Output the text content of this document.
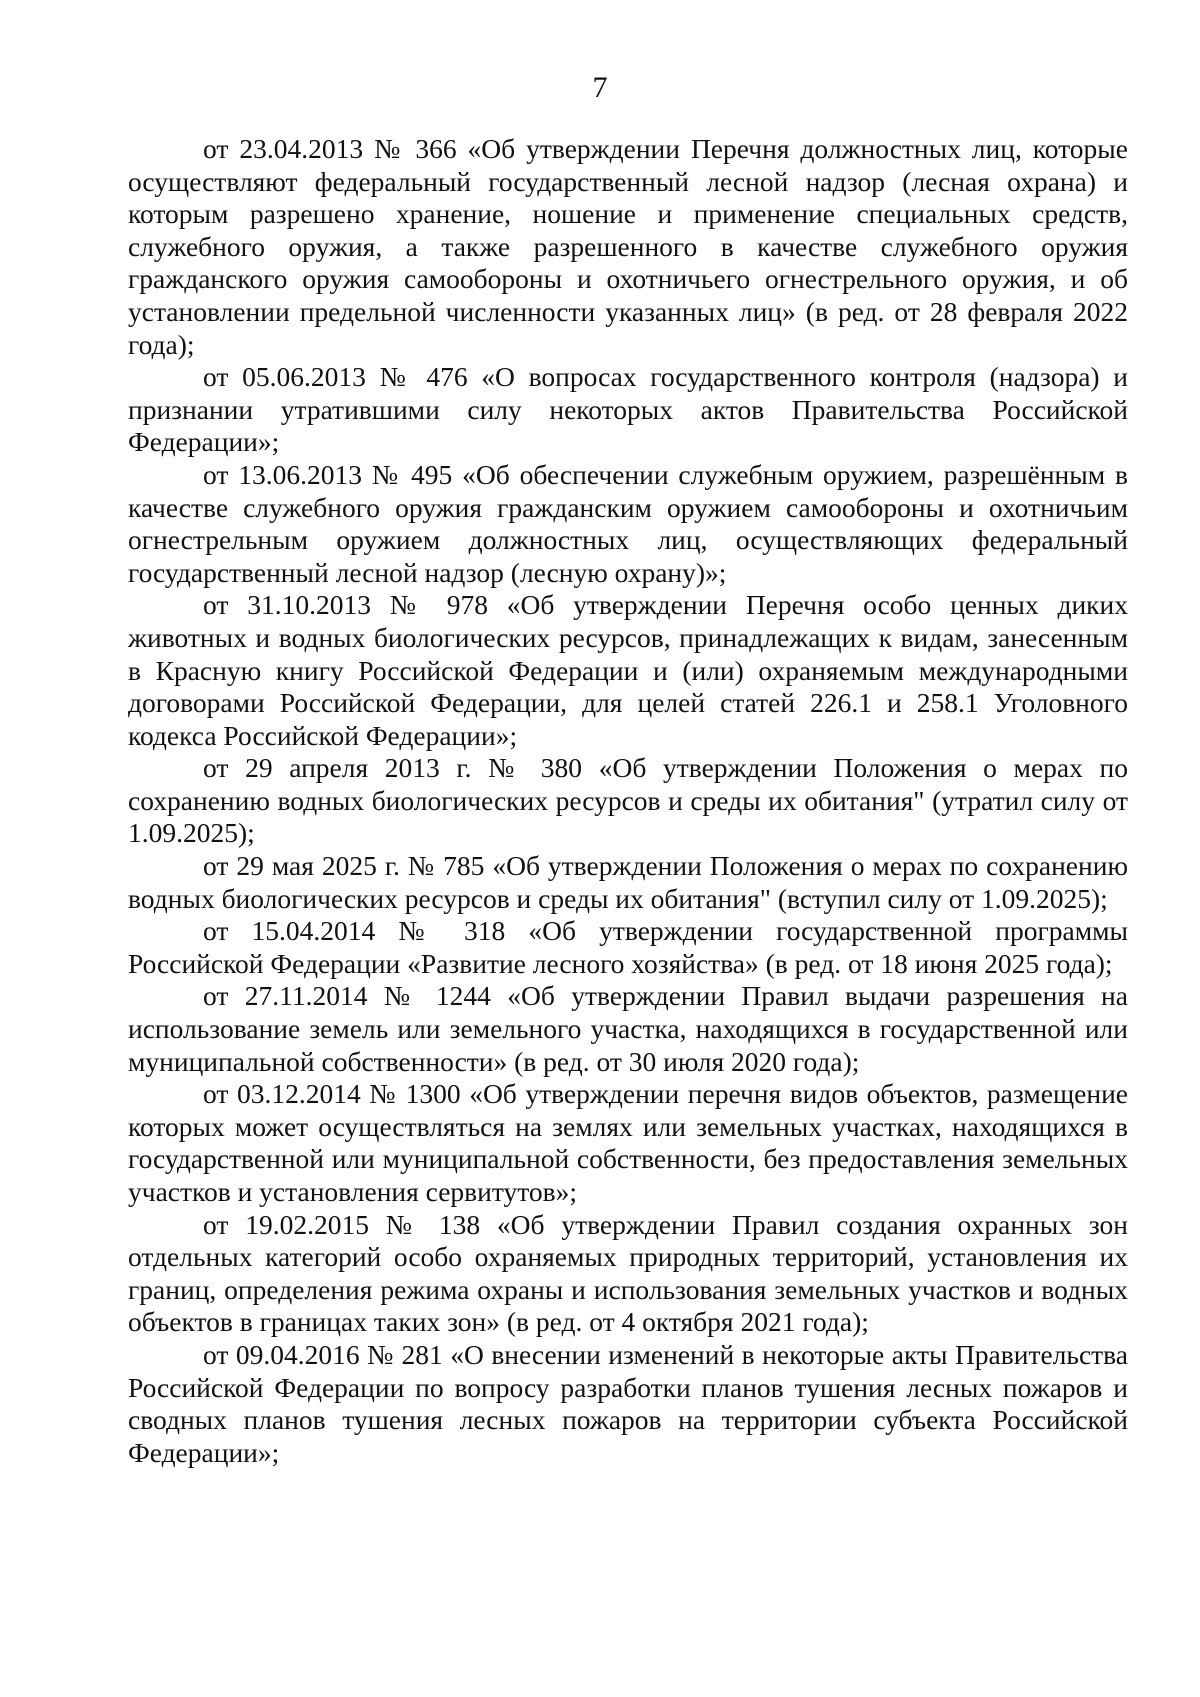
7

от 23.04.2013 № 366 «Об утверждении Перечня должностных лиц, которые осуществляют федеральный государственный лесной надзор (лесная охрана) и которым разрешено хранение, ношение и применение специальных средств, служебного оружия, а также разрешенного в качестве служебного оружия гражданского оружия самообороны и охотничьего огнестрельного оружия, и об установлении предельной численности указанных лиц» (в ред. от 28 февраля 2022 года);

от 05.06.2013 № 476 «О вопросах государственного контроля (надзора) и признании утратившими силу некоторых актов Правительства Российской Федерации»;

от 13.06.2013 № 495 «Об обеспечении служебным оружием, разрешённым в качестве служебного оружия гражданским оружием самообороны и охотничьим огнестрельным оружием должностных лиц, осуществляющих федеральный государственный лесной надзор (лесную охрану)»;

от 31.10.2013 № 978 «Об утверждении Перечня особо ценных диких животных и водных биологических ресурсов, принадлежащих к видам, занесенным в Красную книгу Российской Федерации и (или) охраняемым международными договорами Российской Федерации, для целей статей 226.1 и 258.1 Уголовного кодекса Российской Федерации»;

от 29 апреля 2013 г. № 380 «Об утверждении Положения о мерах по сохранению водных биологических ресурсов и среды их обитания" (утратил силу от 1.09.2025);

от 29 мая 2025 г. № 785 «Об утверждении Положения о мерах по сохранению водных биологических ресурсов и среды их обитания" (вступил силу от 1.09.2025);

от 15.04.2014 № 318 «Об утверждении государственной программы Российской Федерации «Развитие лесного хозяйства» (в ред. от 18 июня 2025 года);

от 27.11.2014 № 1244 «Об утверждении Правил выдачи разрешения на использование земель или земельного участка, находящихся в государственной или муниципальной собственности» (в ред. от 30 июля 2020 года);

от 03.12.2014 № 1300 «Об утверждении перечня видов объектов, размещение которых может осуществляться на землях или земельных участках, находящихся в государственной или муниципальной собственности, без предоставления земельных участков и установления сервитутов»;

от 19.02.2015 № 138 «Об утверждении Правил создания охранных зон отдельных категорий особо охраняемых природных территорий, установления их границ, определения режима охраны и использования земельных участков и водных объектов в границах таких зон» (в ред. от 4 октября 2021 года);

от 09.04.2016 № 281 «О внесении изменений в некоторые акты Правительства Российской Федерации по вопросу разработки планов тушения лесных пожаров и сводных планов тушения лесных пожаров на территории субъекта Российской Федерации»;
